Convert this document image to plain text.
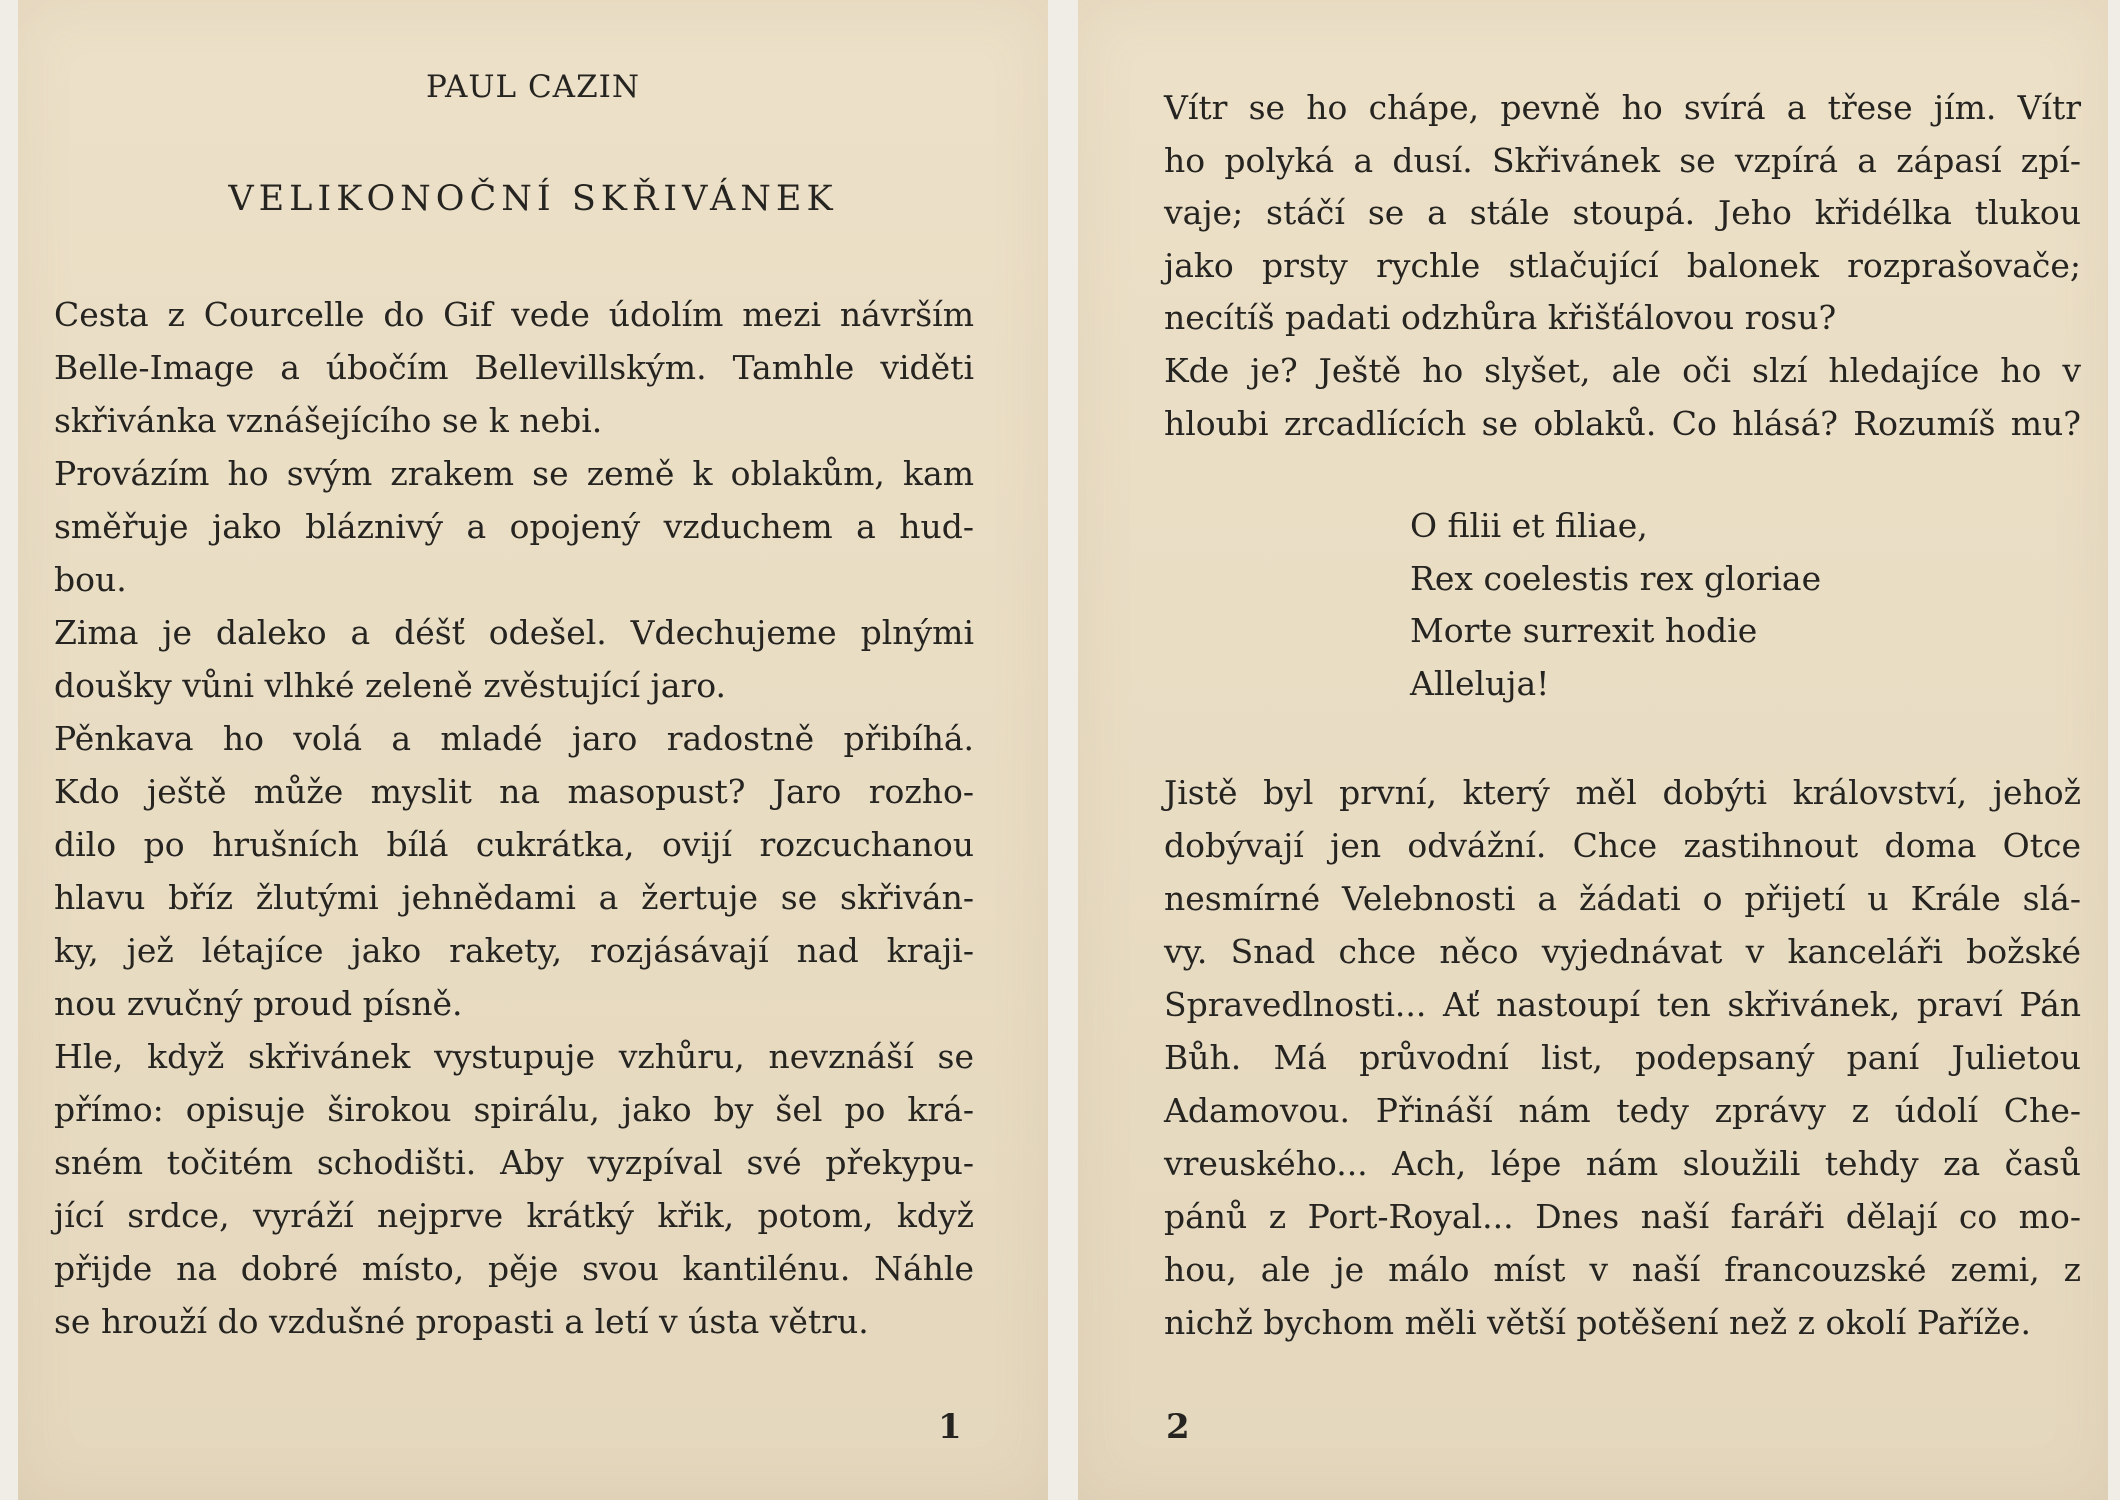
PAUL CAZIN
VELIKONOČNÍ SKŘIVÁNEK
Cesta z Courcelle do Gif vede údolím mezi návrším
Belle-Image a úbočím Bellevillským. Tamhle viděti
skřivánka vznášejícího se k nebi.
Provázím ho svým zrakem se země k oblakům, kam
směřuje jako bláznivý a opojený vzduchem a hud-
bou.
Zima je daleko a déšť odešel. Vdechujeme plnými
doušky vůni vlhké zeleně zvěstující jaro.
Pěnkava ho volá a mladé jaro radostně přibíhá.
Kdo ještě může myslit na masopust? Jaro rozho-
dilo po hrušních bílá cukrátka, ovijí rozcuchanou
hlavu bříz žlutými jehnědami a žertuje se skřiván-
ky, jež létajíce jako rakety, rozjásávají nad kraji-
nou zvučný proud písně.
Hle, když skřivánek vystupuje vzhůru, nevznáší se
přímo: opisuje širokou spirálu, jako by šel po krá-
sném točitém schodišti. Aby vyzpíval své překypu-
jící srdce, vyráží nejprve krátký křik, potom, když
přijde na dobré místo, pěje svou kantilénu. Náhle
se hrouží do vzdušné propasti a letí v ústa větru.
1
Vítr se ho chápe, pevně ho svírá a třese jím. Vítr
ho polyká a dusí. Skřivánek se vzpírá a zápasí zpí-
vaje; stáčí se a stále stoupá. Jeho křidélka tlukou
jako prsty rychle stlačující balonek rozprašovače;
necítíš padati odzhůra křišťálovou rosu?
Kde je? Ještě ho slyšet, ale oči slzí hledajíce ho v
hloubi zrcadlících se oblaků. Co hlásá? Rozumíš mu?
O filii et filiae,
Rex coelestis rex gloriae
Morte surrexit hodie
Alleluja!
Jistě byl první, který měl dobýti království, jehož
dobývají jen odvážní. Chce zastihnout doma Otce
nesmírné Velebnosti a žádati o přijetí u Krále slá-
vy. Snad chce něco vyjednávat v kanceláři božské
Spravedlnosti... Ať nastoupí ten skřivánek, praví Pán
Bůh. Má průvodní list, podepsaný paní Julietou
Adamovou. Přináší nám tedy zprávy z údolí Che-
vreuského... Ach, lépe nám sloužili tehdy za časů
pánů z Port-Royal... Dnes naší faráři dělají co mo-
hou, ale je málo míst v naší francouzské zemi, z
nichž bychom měli větší potěšení než z okolí Paříže.
2
